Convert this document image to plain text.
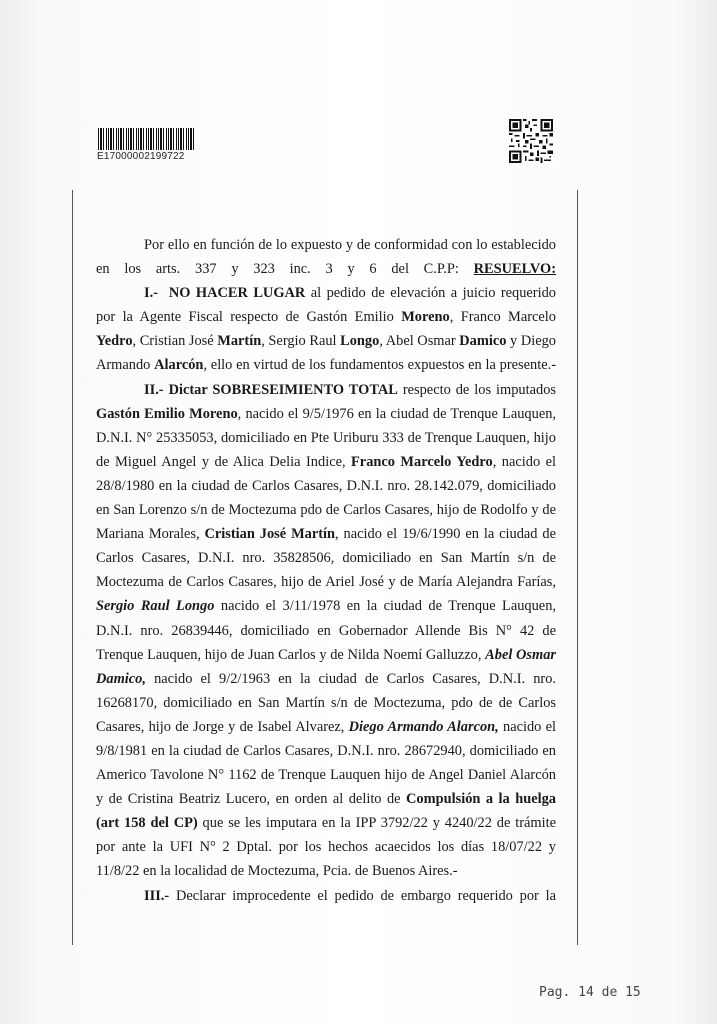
E17000002199722

Por ello en función de lo expuesto y de conformidad con lo establecido en los arts. 337 y 323 inc. 3 y 6 del C.P.P: RESUELVO:

I.- NO HACER LUGAR al pedido de elevación a juicio requerido por la Agente Fiscal respecto de Gastón Emilio Moreno, Franco Marcelo Yedro, Cristian José Martín, Sergio Raul Longo, Abel Osmar Damico y Diego Armando Alarcón, ello en virtud de los fundamentos expuestos en la presente.-

II.- Dictar SOBRESEIMIENTO TOTAL respecto de los imputados Gastón Emilio Moreno, nacido el 9/5/1976 en la ciudad de Trenque Lauquen, D.N.I. N° 25335053, domiciliado en Pte Uriburu 333 de Trenque Lauquen, hijo de Miguel Angel y de Alica Delia Indice, Franco Marcelo Yedro, nacido el 28/8/1980 en la ciudad de Carlos Casares, D.N.I. nro. 28.142.079, domiciliado en San Lorenzo s/n de Moctezuma pdo de Carlos Casares, hijo de Rodolfo y de Mariana Morales, Cristian José Martín, nacido el 19/6/1990 en la ciudad de Carlos Casares, D.N.I. nro. 35828506, domiciliado en San Martín s/n de Moctezuma de Carlos Casares, hijo de Ariel José y de María Alejandra Farías, Sergio Raul Longo nacido el 3/11/1978 en la ciudad de Trenque Lauquen, D.N.I. nro. 26839446, domiciliado en Gobernador Allende Bis N° 42 de Trenque Lauquen, hijo de Juan Carlos y de Nilda Noemí Galluzzo, Abel Osmar Damico, nacido el 9/2/1963 en la ciudad de Carlos Casares, D.N.I. nro. 16268170, domiciliado en San Martín s/n de Moctezuma, pdo de de Carlos Casares, hijo de Jorge y de Isabel Alvarez, Diego Armando Alarcon, nacido el 9/8/1981 en la ciudad de Carlos Casares, D.N.I. nro. 28672940, domiciliado en Americo Tavolone N° 1162 de Trenque Lauquen hijo de Angel Daniel Alarcón y de Cristina Beatriz Lucero, en orden al delito de Compulsión a la huelga (art 158 del CP) que se les imputara en la IPP 3792/22 y 4240/22 de trámite por ante la UFI N° 2 Dptal. por los hechos acaecidos los días 18/07/22 y 11/8/22 en la localidad de Moctezuma, Pcia. de Buenos Aires.-

III.- Declarar improcedente el pedido de embargo requerido por la

Pag. 14 de 15
